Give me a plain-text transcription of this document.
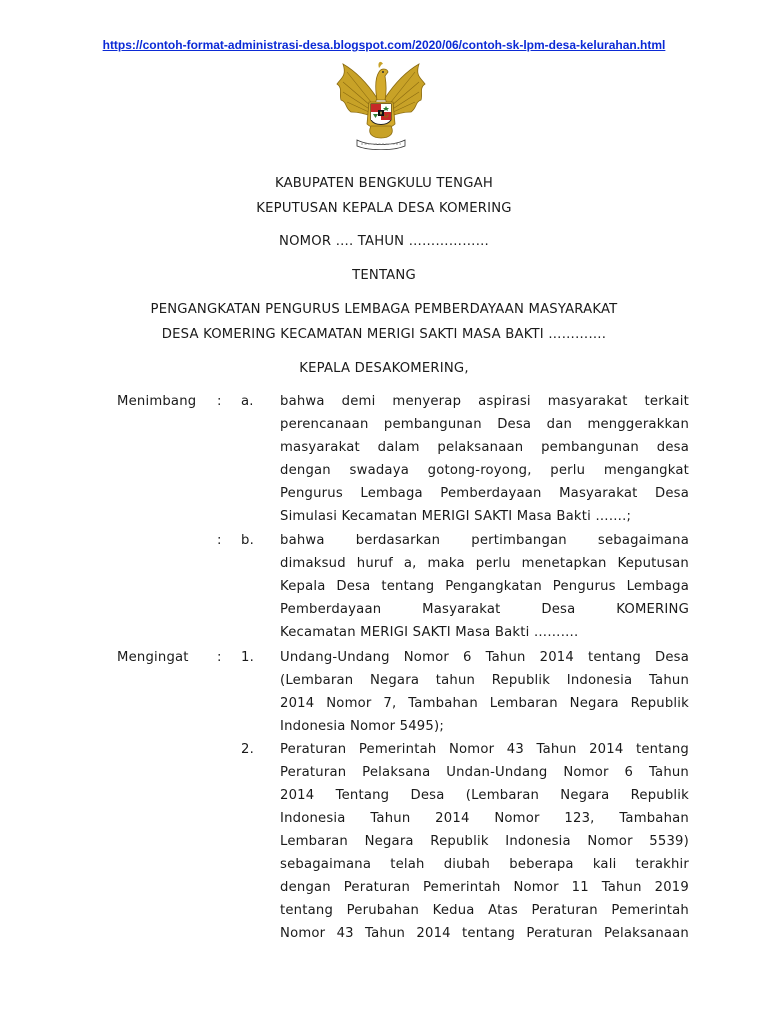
https://contoh-format-administrasi-desa.blogspot.com/2020/06/contoh-sk-lpm-desa-kelurahan.html
KABUPATEN BENGKULU TENGAH
KEPUTUSAN KEPALA DESA KOMERING
NOMOR …. TAHUN ………………
TENTANG
PENGANGKATAN PENGURUS LEMBAGA PEMBERDAYAAN MASYARAKAT
DESA KOMERING KECAMATAN MERIGI SAKTI MASA BAKTI ………….
KEPALA DESAKOMERING,
Menimbang : a. bahwa demi menyerap aspirasi masyarakat terkait
perencanaan pembangunan Desa dan menggerakkan
masyarakat dalam pelaksanaan pembangunan desa
dengan swadaya gotong-royong, perlu mengangkat
Pengurus Lembaga Pemberdayaan Masyarakat Desa
Simulasi Kecamatan MERIGI SAKTI Masa Bakti …….;
: b. bahwa berdasarkan pertimbangan sebagaimana
dimaksud huruf a, maka perlu menetapkan Keputusan
Kepala Desa tentang Pengangkatan Pengurus Lembaga
Pemberdayaan Masyarakat Desa KOMERING
Kecamatan MERIGI SAKTI Masa Bakti ……….
Mengingat : 1. Undang-Undang Nomor 6 Tahun 2014 tentang Desa
(Lembaran Negara tahun Republik Indonesia Tahun
2014 Nomor 7, Tambahan Lembaran Negara Republik
Indonesia Nomor 5495);
2. Peraturan Pemerintah Nomor 43 Tahun 2014 tentang
Peraturan Pelaksana Undan-Undang Nomor 6 Tahun
2014 Tentang Desa (Lembaran Negara Republik
Indonesia Tahun 2014 Nomor 123, Tambahan
Lembaran Negara Republik Indonesia Nomor 5539)
sebagaimana telah diubah beberapa kali terakhir
dengan Peraturan Pemerintah Nomor 11 Tahun 2019
tentang Perubahan Kedua Atas Peraturan Pemerintah
Nomor 43 Tahun 2014 tentang Peraturan Pelaksanaan
